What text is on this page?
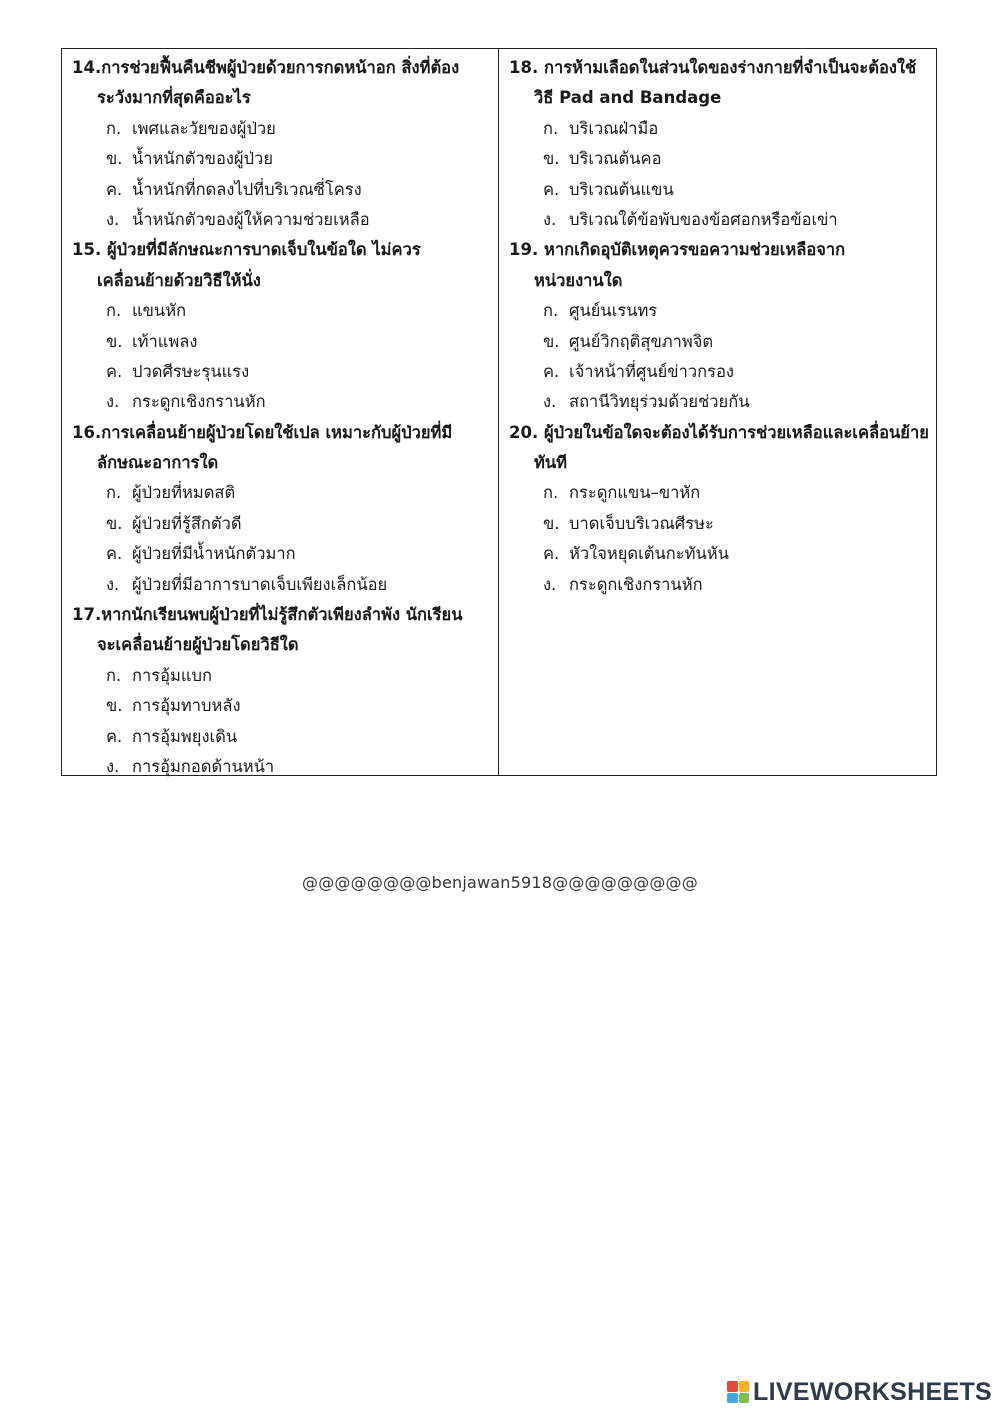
14.การช่วยฟื้นคืนชีพผู้ป่วยด้วยการกดหน้าอก สิ่งที่ต้อง
ระวังมากที่สุดคืออะไร
ก. เพศและวัยของผู้ป่วย
ข. น้ำหนักตัวของผู้ป่วย
ค. น้ำหนักที่กดลงไปที่บริเวณซี่โครง
ง. น้ำหนักตัวของผู้ให้ความช่วยเหลือ
15. ผู้ป่วยที่มีลักษณะการบาดเจ็บในข้อใด ไม่ควร
เคลื่อนย้ายด้วยวิธีให้นั่ง
ก. แขนหัก
ข. เท้าแพลง
ค. ปวดศีรษะรุนแรง
ง. กระดูกเชิงกรานหัก
16.การเคลื่อนย้ายผู้ป่วยโดยใช้เปล เหมาะกับผู้ป่วยที่มี
ลักษณะอาการใด
ก. ผู้ป่วยที่หมดสติ
ข. ผู้ป่วยที่รู้สึกตัวดี
ค. ผู้ป่วยที่มีน้ำหนักตัวมาก
ง. ผู้ป่วยที่มีอาการบาดเจ็บเพียงเล็กน้อย
17.หากนักเรียนพบผู้ป่วยที่ไม่รู้สึกตัวเพียงลำพัง นักเรียน
จะเคลื่อนย้ายผู้ป่วยโดยวิธีใด
ก. การอุ้มแบก
ข. การอุ้มทาบหลัง
ค. การอุ้มพยุงเดิน
ง. การอุ้มกอดด้านหน้า
18. การห้ามเลือดในส่วนใดของร่างกายที่จำเป็นจะต้องใช้
วิธี Pad and Bandage
ก. บริเวณฝ่ามือ
ข. บริเวณต้นคอ
ค. บริเวณต้นแขน
ง. บริเวณใต้ข้อพับของข้อศอกหรือข้อเข่า
19. หากเกิดอุบัติเหตุควรขอความช่วยเหลือจาก
หน่วยงานใด
ก. ศูนย์นเรนทร
ข. ศูนย์วิกฤติสุขภาพจิต
ค. เจ้าหน้าที่ศูนย์ข่าวกรอง
ง. สถานีวิทยุร่วมด้วยช่วยกัน
20. ผู้ป่วยในข้อใดจะต้องได้รับการช่วยเหลือและเคลื่อนย้าย
ทันที
ก. กระดูกแขน–ขาหัก
ข. บาดเจ็บบริเวณศีรษะ
ค. หัวใจหยุดเต้นกะทันหัน
ง. กระดูกเชิงกรานหัก
@@@@@@@@benjawan5918@@@@@@@@@
LIVEWORKSHEETS
